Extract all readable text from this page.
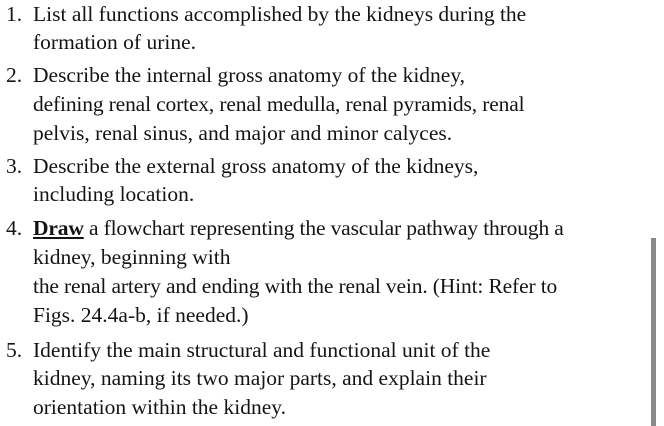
1. List all functions accomplished by the kidneys during the
formation of urine.
2. Describe the internal gross anatomy of the kidney,
defining renal cortex, renal medulla, renal pyramids, renal
pelvis, renal sinus, and major and minor calyces.
3. Describe the external gross anatomy of the kidneys,
including location.
4. Draw a flowchart representing the vascular pathway through a
kidney, beginning with
the renal artery and ending with the renal vein. (Hint: Refer to
Figs. 24.4a-b, if needed.)
5. Identify the main structural and functional unit of the
kidney, naming its two major parts, and explain their
orientation within the kidney.
